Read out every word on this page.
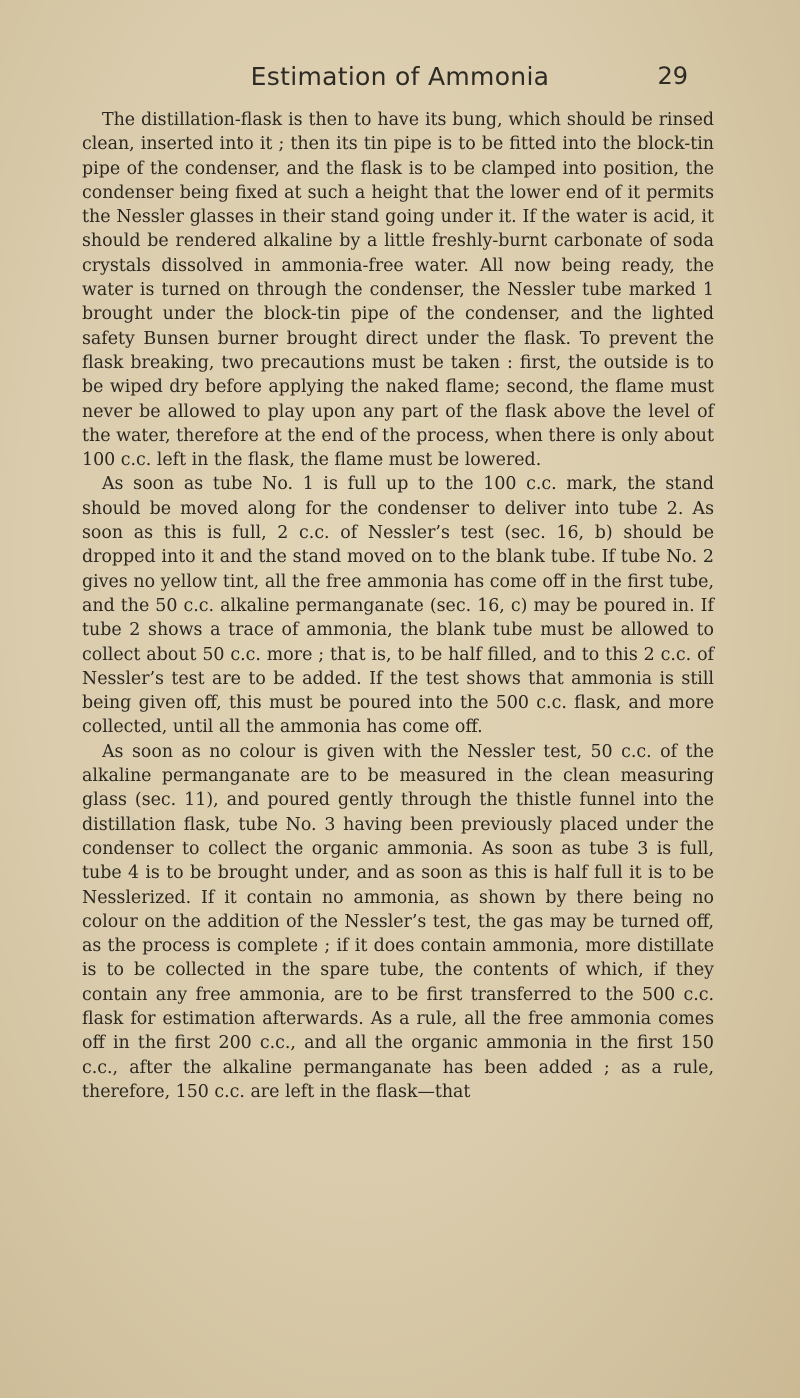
Estimation of Ammonia	29

The distillation-flask is then to have its bung, which should be rinsed clean, inserted into it ; then its tin pipe is to be fitted into the block-tin pipe of the condenser, and the flask is to be clamped into position, the condenser being fixed at such a height that the lower end of it permits the Nessler glasses in their stand going under it. If the water is acid, it should be rendered alkaline by a little freshly-burnt carbonate of soda crystals dissolved in ammonia-free water. All now being ready, the water is turned on through the condenser, the Nessler tube marked 1 brought under the block-tin pipe of the condenser, and the lighted safety Bunsen burner brought direct under the flask. To prevent the flask breaking, two precautions must be taken : first, the outside is to be wiped dry before applying the naked flame; second, the flame must never be allowed to play upon any part of the flask above the level of the water, therefore at the end of the process, when there is only about 100 c.c. left in the flask, the flame must be lowered.

As soon as tube No. 1 is full up to the 100 c.c. mark, the stand should be moved along for the condenser to deliver into tube 2. As soon as this is full, 2 c.c. of Nessler’s test (sec. 16, b) should be dropped into it and the stand moved on to the blank tube. If tube No. 2 gives no yellow tint, all the free ammonia has come off in the first tube, and the 50 c.c. alkaline permanganate (sec. 16, c) may be poured in. If tube 2 shows a trace of ammonia, the blank tube must be allowed to collect about 50 c.c. more ; that is, to be half filled, and to this 2 c.c. of Nessler’s test are to be added. If the test shows that ammonia is still being given off, this must be poured into the 500 c.c. flask, and more collected, until all the ammonia has come off.

As soon as no colour is given with the Nessler test, 50 c.c. of the alkaline permanganate are to be measured in the clean measuring glass (sec. 11), and poured gently through the thistle funnel into the distillation flask, tube No. 3 having been previously placed under the condenser to collect the organic ammonia. As soon as tube 3 is full, tube 4 is to be brought under, and as soon as this is half full it is to be Nesslerized. If it contain no ammonia, as shown by there being no colour on the addition of the Nessler’s test, the gas may be turned off, as the process is complete ; if it does contain ammonia, more distillate is to be collected in the spare tube, the contents of which, if they contain any free ammonia, are to be first transferred to the 500 c.c. flask for estimation afterwards. As a rule, all the free ammonia comes off in the first 200 c.c., and all the organic ammonia in the first 150 c.c., after the alkaline permanganate has been added ; as a rule, therefore, 150 c.c. are left in the flask—that
